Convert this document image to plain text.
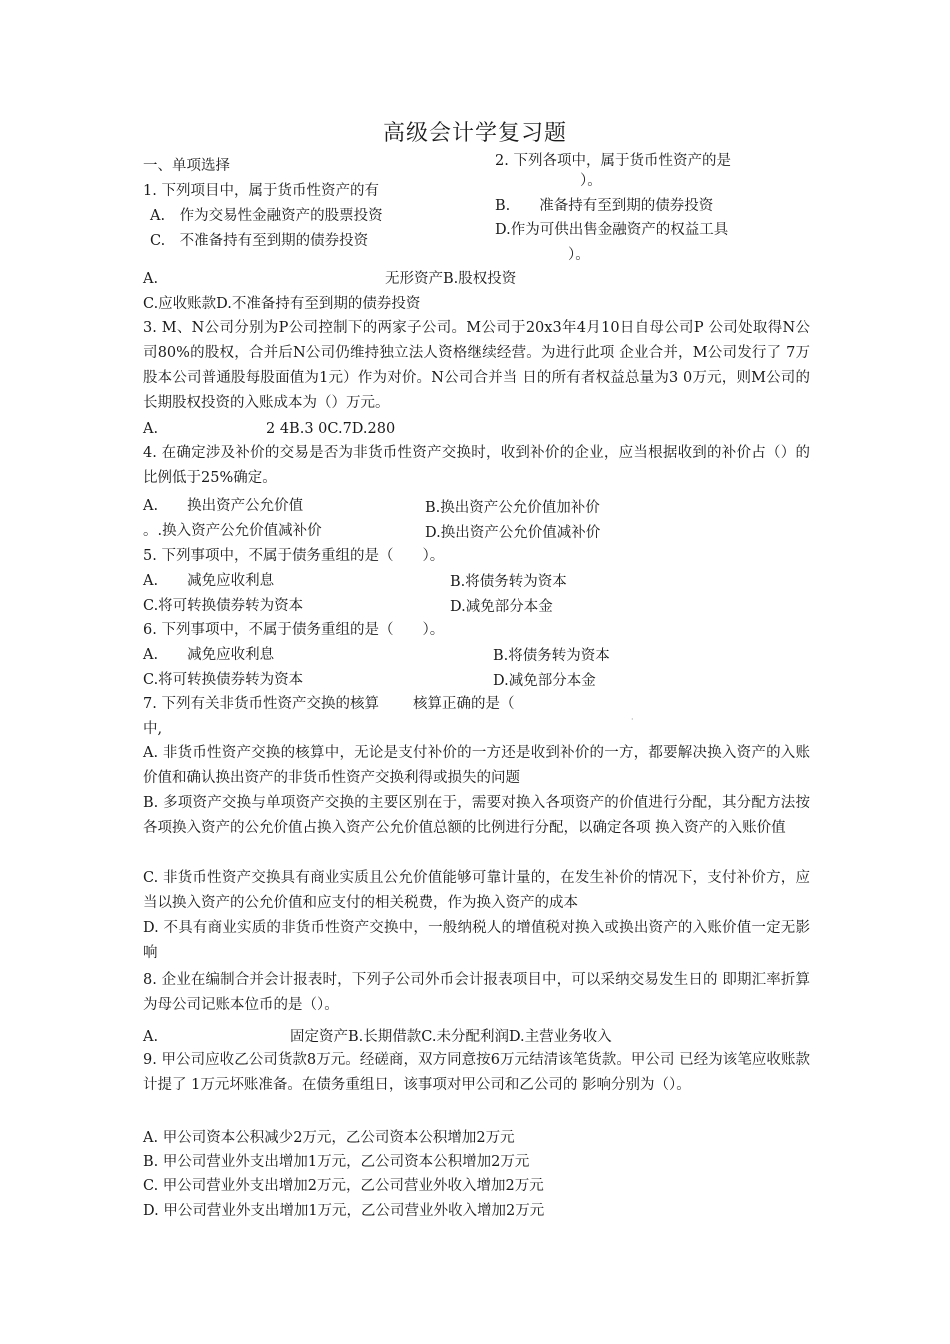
高级会计学复习题
一、单项选择
1. 下列项目中，属于货币性资产的有
A.　作为交易性金融资产的股票投资
C.　不准备持有至到期的债券投资
2. 下列各项中，属于货币性资产的是
）。
B.　　准备持有至到期的债券投资
D.作为可供出售金融资产的权益工具
）。
A.	无形资产B.股权投资
C.应收账款D.不准备持有至到期的债券投资
3. M、N公司分别为P公司控制下的两家子公司。M公司于20x3年4月10日自母公司P 公司处取得N公司80%的股权，合并后N公司仍维持独立法人资格继续经营。为进行此项 企业合并，M公司发行了 7万股本公司普通股每股面值为1元）作为对价。N公司合并当 日的所有者权益总量为3 0万元，则M公司的长期股权投资的入账成本为（）万元。
A.	2 4B.3 0C.7D.280
4. 在确定涉及补价的交易是否为非货币性资产交换时，收到补价的企业，应当根据收到的补价占（）的比例低于25%确定。
A.　　换出资产公允价值	B.换出资产公允价值加补价
。.换入资产公允价值减补价	D.换出资产公允价值减补价
5. 下列事项中，不属于债务重组的是（　　）。
A.　　减免应收利息	B.将债务转为资本
C.将可转换债券转为资本	D.减免部分本金
6. 下列事项中，不属于债务重组的是（　　）。
A.　　减免应收利息	B.将债务转为资本
C.将可转换债券转为资本	D.减免部分本金
7. 下列有关非货币性资产交换的核算 核算正确的是（
·
中,
A. 非货币性资产交换的核算中，无论是支付补价的一方还是收到补价的一方，都要解决换入资产的入账价值和确认换出资产的非货币性资产交换利得或损失的问题
B. 多项资产交换与单项资产交换的主要区别在于，需要对换入各项资产的价值进行分配，其分配方法按各项换入资产的公允价值占换入资产公允价值总额的比例进行分配，以确定各项 换入资产的入账价值
C. 非货币性资产交换具有商业实质且公允价值能够可靠计量的，在发生补价的情况下，支付补价方，应当以换入资产的公允价值和应支付的相关税费，作为换入资产的成本
D. 不具有商业实质的非货币性资产交换中，一般纳税人的增值税对换入或换出资产的入账价值一定无影响
8. 企业在编制合并会计报表时，下列子公司外币会计报表项目中，可以采纳交易发生日的 即期汇率折算为母公司记账本位币的是（）。
A.	固定资产B.长期借款C.未分配利润D.主营业务收入
9. 甲公司应收乙公司货款8万元。经磋商，双方同意按6万元结清该笔货款。甲公司 已经为该笔应收账款计提了 1万元坏账准备。在债务重组日，该事项对甲公司和乙公司的 影响分别为（）。
A. 甲公司资本公积减少2万元，乙公司资本公积增加2万元
B. 甲公司营业外支出增加1万元，乙公司资本公积增加2万元
C. 甲公司营业外支出增加2万元，乙公司营业外收入增加2万元
D. 甲公司营业外支出增加1万元，乙公司营业外收入增加2万元
